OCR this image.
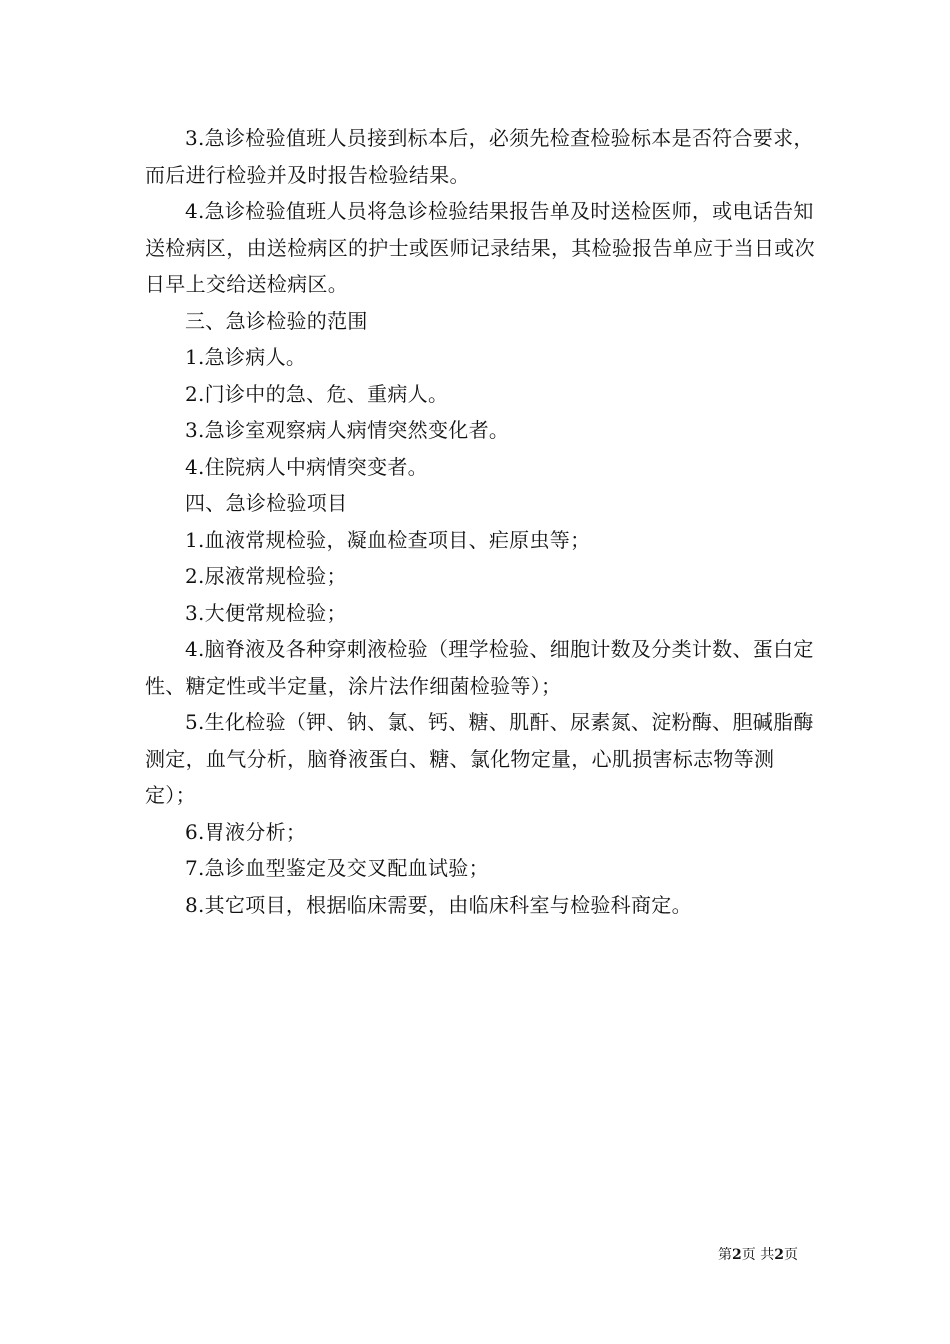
3.急诊检验值班人员接到标本后，必须先检查检验标本是否符合要求，而后进行检验并及时报告检验结果。

4.急诊检验值班人员将急诊检验结果报告单及时送检医师，或电话告知送检病区，由送检病区的护士或医师记录结果，其检验报告单应于当日或次日早上交给送检病区。

三、急诊检验的范围

1.急诊病人。

2.门诊中的急、危、重病人。

3.急诊室观察病人病情突然变化者。

4.住院病人中病情突变者。

四、急诊检验项目

1.血液常规检验，凝血检查项目、疟原虫等；

2.尿液常规检验；

3.大便常规检验；

4.脑脊液及各种穿刺液检验（理学检验、细胞计数及分类计数、蛋白定性、糖定性或半定量，涂片法作细菌检验等）；

5.生化检验（钾、钠、氯、钙、糖、肌酐、尿素氮、淀粉酶、胆碱脂酶测定，血气分析，脑脊液蛋白、糖、氯化物定量，心肌损害标志物等测定）；

6.胃液分析；

7.急诊血型鉴定及交叉配血试验；

8.其它项目，根据临床需要，由临床科室与检验科商定。

第2页 共2页
